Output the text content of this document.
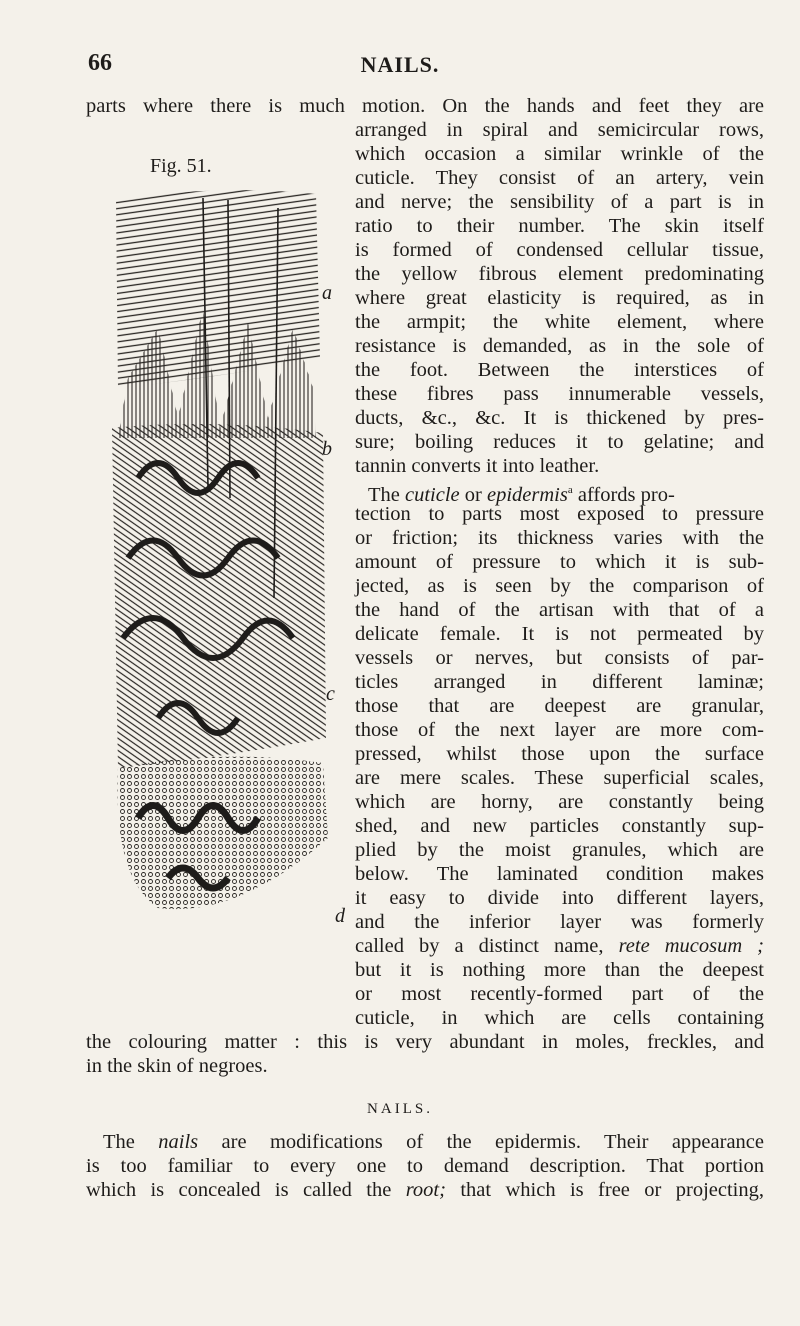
66	NAILS.
parts where there is much motion. On the hands and feet they are
Fig. 51.
a
b
c
d
arranged in spiral and semicircular rows,
which occasion a similar wrinkle of the
cuticle. They consist of an artery, vein
and nerve; the sensibility of a part is in
ratio to their number. The skin itself
is formed of condensed cellular tissue,
the yellow fibrous element predominating
where great elasticity is required, as in
the armpit; the white element, where
resistance is demanded, as in the sole of
the foot. Between the interstices of
these fibres pass innumerable vessels,
ducts, &c., &c. It is thickened by pres-
sure; boiling reduces it to gelatine; and
tannin converts it into leather.
The cuticle or epidermis$^a$ affords pro-
tection to parts most exposed to pressure
or friction; its thickness varies with the
amount of pressure to which it is sub-
jected, as is seen by the comparison of
the hand of the artisan with that of a
delicate female. It is not permeated by
vessels or nerves, but consists of par-
ticles arranged in different laminæ;
those that are deepest are granular,
those of the next layer are more com-
pressed, whilst those upon the surface
are mere scales. These superficial scales,
which are horny, are constantly being
shed, and new particles constantly sup-
plied by the moist granules, which are
below. The laminated condition makes
it easy to divide into different layers,
and the inferior layer was formerly
called by a distinct name, rete mucosum ;
but it is nothing more than the deepest
or most recently-formed part of the
cuticle, in which are cells containing
the colouring matter : this is very abundant in moles, freckles, and
in the skin of negroes.
NAILS.
The nails are modifications of the epidermis. Their appearance
is too familiar to every one to demand description. That portion
which is concealed is called the root; that which is free or projecting,
